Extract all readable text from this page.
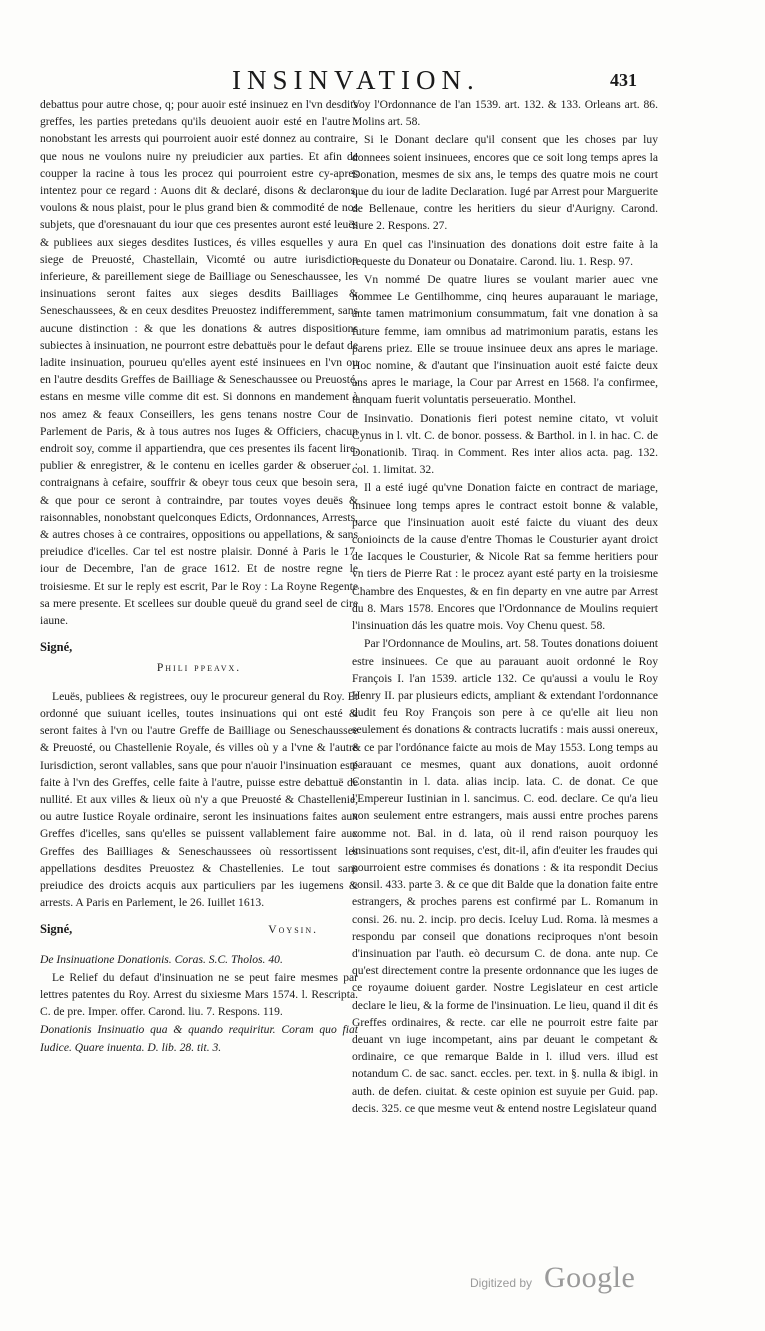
INSINVATION.	431

debattus pour autre chose, q; pour auoir esté insinuez en l'vn desdits greffes, les parties pretedans qu'ils deuoient auoir esté en l'autre : nonobstant les arrests qui pourroient auoir esté donnez au contraire, que nous ne voulons nuire ny preiudicier aux parties. Et afin de coupper la racine à tous les procez qui pourroient estre cy-apres intentez pour ce regard : Auons dit & declaré, disons & declarons, voulons & nous plaist, pour le plus grand bien & commodité de nos subjets, que d'oresnauant du iour que ces presentes auront esté leuës & publiees aux sieges desdites Iustices, és villes esquelles y aura siege de Preuosté, Chastellain, Vicomté ou autre iurisdiction inferieure, & pareillement siege de Bailliage ou Seneschaussee, les insinuations seront faites aux sieges desdits Bailliages & Seneschaussees, & en ceux desdites Preuostez indifferemment, sans aucune distinction : & que les donations & autres dispositions subiectes à insinuation, ne pourront estre debattuës pour le defaut de ladite insinuation, pourueu qu'elles ayent esté insinuees en l'vn ou en l'autre desdits Greffes de Bailliage & Seneschaussee ou Preuosté, estans en mesme ville comme dit est. Si donnons en mandement à nos amez & feaux Conseillers, les gens tenans nostre Cour de Parlement de Paris, & à tous autres nos Iuges & Officiers, chacun endroit soy, comme il appartiendra, que ces presentes ils facent lire, publier & enregistrer, & le contenu en icelles garder & obseruer : contraignans à cefaire, souffrir & obeyr tous ceux que besoin sera, & que pour ce seront à contraindre, par toutes voyes deuës & raisonnables, nonobstant quelconques Edicts, Ordonnances, Arrests, & autres choses à ce contraires, oppositions ou appellations, & sans preiudice d'icelles. Car tel est nostre plaisir. Donné à Paris le 17. iour de Decembre, l'an de grace 1612. Et de nostre regne le troisiesme. Et sur le reply est escrit, Par le Roy : La Royne Regente sa mere presente. Et scellees sur double queuë du grand seel de cire iaune.

Signé,
Phili ppeavx.

Leuës, publiees & registrees, ouy le procureur general du Roy. Et ordonné que suiuant icelles, toutes insinuations qui ont esté & seront faites à l'vn ou l'autre Greffe de Bailliage ou Seneschaussee & Preuosté, ou Chastellenie Royale, és villes où y a l'vne & l'autre Iurisdiction, seront vallables, sans que pour n'auoir l'insinuation esté faite à l'vn des Greffes, celle faite à l'autre, puisse estre debattuë de nullité. Et aux villes & lieux où n'y a que Preuosté & Chastellenie, ou autre Iustice Royale ordinaire, seront les insinuations faites aux Greffes d'icelles, sans qu'elles se puissent vallablement faire aux Greffes des Bailliages & Seneschaussees où ressortissent les appellations desdites Preuostez & Chastellenies. Le tout sans preiudice des droicts acquis aux particuliers par les iugemens & arrests. A Paris en Parlement, le 26. Iuillet 1613.

Signé,	Voysin.

De Insinuatione Donationis. Coras. S.C. Tholos. 40.

Le Relief du defaut d'insinuation ne se peut faire mesmes par lettres patentes du Roy. Arrest du sixiesme Mars 1574. l. Rescripta. C. de pre. Imper. offer. Carond. liu. 7. Respons. 119.

Donationis Insinuatio qua & quando requiritur. Coram quo fiat Iudice. Quare inuenta. D. lib. 28. tit. 3.

Voy l'Ordonnance de l'an 1539. art. 132. & 133. Orleans art. 86. Molins art. 58.

Si le Donant declare qu'il consent que les choses par luy donnees soient insinuees, encores que ce soit long temps apres la Donation, mesmes de six ans, le temps des quatre mois ne court que du iour de ladite Declaration. Iugé par Arrest pour Marguerite de Bellenaue, contre les heritiers du sieur d'Aurigny. Carond. liure 2. Respons. 27.

En quel cas l'insinuation des donations doit estre faite à la requeste du Donateur ou Donataire. Carond. liu. 1. Resp. 97.

Vn nommé De quatre liures se voulant marier auec vne nommee Le Gentilhomme, cinq heures auparauant le mariage, ante tamen matrimonium consummatum, fait vne donation à sa future femme, iam omnibus ad matrimonium paratis, estans les parens priez. Elle se trouue insinuee deux ans apres le mariage. Hoc nomine, & d'autant que l'insinuation auoit esté faicte deux ans apres le mariage, la Cour par Arrest en 1568. l'a confirmee, tanquam fuerit voluntatis perseueratio. Monthel.

Insinvatio. Donationis fieri potest nemine citato, vt voluit Cynus in l. vlt. C. de bonor. possess. & Barthol. in l. in hac. C. de Donationib. Tiraq. in Comment. Res inter alios acta. pag. 132. col. 1. limitat. 32.

Il a esté iugé qu'vne Donation faicte en contract de mariage, insinuee long temps apres le contract estoit bonne & valable, parce que l'insinuation auoit esté faicte du viuant des deux conioincts de la cause d'entre Thomas le Cousturier ayant droict de Iacques le Cousturier, & Nicole Rat sa femme heritiers pour vn tiers de Pierre Rat : le procez ayant esté party en la troisiesme Chambre des Enquestes, & en fin departy en vne autre par Arrest du 8. Mars 1578. Encores que l'Ordonnance de Moulins requiert l'insinuation dás les quatre mois. Voy Chenu quest. 58.

Par l'Ordonnance de Moulins, art. 58. Toutes donations doiuent estre insinuees. Ce que au parauant auoit ordonné le Roy François I. l'an 1539. article 132. Ce qu'aussi a voulu le Roy Henry II. par plusieurs edicts, ampliant & extendant l'ordonnance dudit feu Roy François son pere à ce qu'elle ait lieu non seulement és donations & contracts lucratifs : mais aussi onereux, & ce par l'ordónance faicte au mois de May 1553. Long temps au parauant ce mesmes, quant aux donations, auoit ordonné Constantin in l. data. alias incip. lata. C. de donat. Ce que l'Empereur Iustinian in l. sancimus. C. eod. declare. Ce qu'a lieu non seulement entre estrangers, mais aussi entre proches parens comme not. Bal. in d. lata, où il rend raison pourquoy les insinuations sont requises, c'est, dit-il, afin d'euiter les fraudes qui pourroient estre commises és donations : & ita respondit Decius consil. 433. parte 3. & ce que dit Balde que la donation faite entre estrangers, & proches parens est confirmé par L. Romanum in consi. 26. nu. 2. incip. pro decis. Iceluy Lud. Roma. là mesmes a respondu par conseil que donations reciproques n'ont besoin d'insinuation par l'auth. eò decursum C. de dona. ante nup. Ce qu'est directement contre la presente ordonnance que les iuges de ce royaume doiuent garder. Nostre Legislateur en cest article declare le lieu, & la forme de l'insinuation. Le lieu, quand il dit és Greffes ordinaires, & recte. car elle ne pourroit estre faite par deuant vn iuge incompetant, ains par deuant le competant & ordinaire, ce que remarque Balde in l. illud vers. illud est notandum C. de sac. sanct. eccles. per. text. in §. nulla & ibigl. in auth. de defen. ciuitat. & ceste opinion est suyuie per Guid. pap. decis. 325. ce que mesme veut & entend nostre Legislateur quand

Digitized by Google
